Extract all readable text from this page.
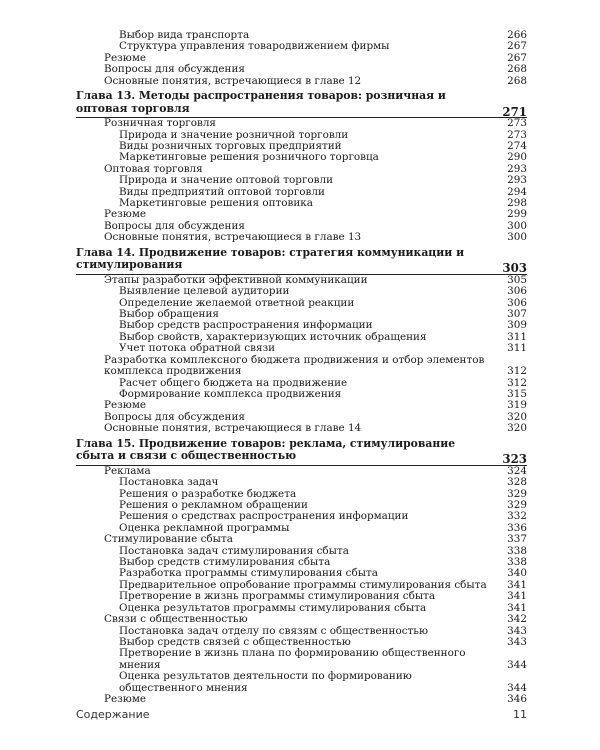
Выбор вида транспорта	266
Структура управления товародвижением фирмы	267
Резюме	267
Вопросы для обсуждения	268
Основные понятия, встречающиеся в главе 12	268
Глава 13. Методы распространения товаров: розничная и оптовая торговля	271
Розничная торговля	273
Природа и значение розничной торговли	273
Виды розничных торговых предприятий	274
Маркетинговые решения розничного торговца	290
Оптовая торговля	293
Природа и значение оптовой торговли	293
Виды предприятий оптовой торговли	294
Маркетинговые решения оптовика	298
Резюме	299
Вопросы для обсуждения	300
Основные понятия, встречающиеся в главе 13	300
Глава 14. Продвижение товаров: стратегия коммуникации и стимулирования	303
Этапы разработки эффективной коммуникации	305
Выявление целевой аудитории	306
Определение желаемой ответной реакции	306
Выбор обращения	307
Выбор средств распространения информации	309
Выбор свойств, характеризующих источник обращения	311
Учет потока обратной связи	311
Разработка комплексного бюджета продвижения и отбор элементов комплекса продвижения	312
Расчет общего бюджета на продвижение	312
Формирование комплекса продвижения	315
Резюме	319
Вопросы для обсуждения	320
Основные понятия, встречающиеся в главе 14	320
Глава 15. Продвижение товаров: реклама, стимулирование сбыта и связи с общественностью	323
Реклама	324
Постановка задач	328
Решения о разработке бюджета	329
Решения о рекламном обращении	329
Решения о средствах распространения информации	332
Оценка рекламной программы	336
Стимулирование сбыта	337
Постановка задач стимулирования сбыта	338
Выбор средств стимулирования сбыта	338
Разработка программы стимулирования сбыта	340
Предварительное опробование программы стимулирования сбыта	341
Претворение в жизнь программы стимулирования сбыта	341
Оценка результатов программы стимулирования сбыта	341
Связи с общественностью	342
Постановка задач отделу по связям с общественностью	343
Выбор средств связей с общественностью	343
Претворение в жизнь плана по формированию общественного мнения	344
Оценка результатов деятельности по формированию общественного мнения	344
Резюме	346
Содержание	11
